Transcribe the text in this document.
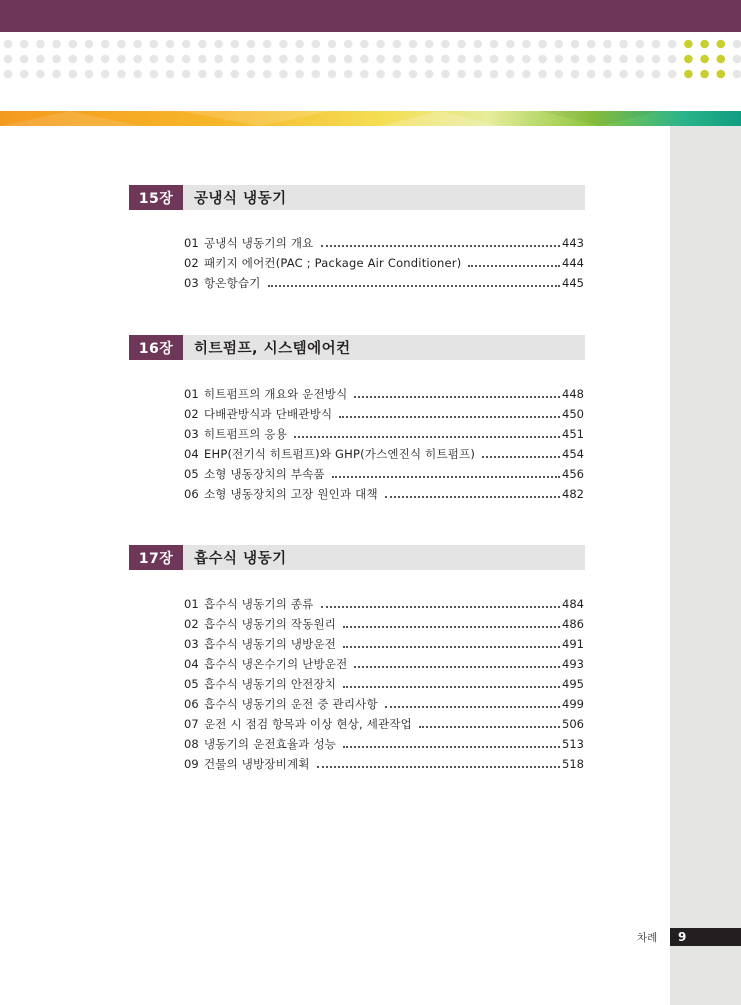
15장	공냉식 냉동기
01 공냉식 냉동기의 개요	443
02 패키지 에어컨(PAC ; Package Air Conditioner)	444
03 항온항습기	445
16장	히트펌프, 시스템에어컨
01 히트펌프의 개요와 운전방식	448
02 다배관방식과 단배관방식	450
03 히트펌프의 응용	451
04 EHP(전기식 히트펌프)와 GHP(가스엔진식 히트펌프)	454
05 소형 냉동장치의 부속품	456
06 소형 냉동장치의 고장 원인과 대책	482
17장	흡수식 냉동기
01 흡수식 냉동기의 종류	484
02 흡수식 냉동기의 작동원리	486
03 흡수식 냉동기의 냉방운전	491
04 흡수식 냉온수기의 난방운전	493
05 흡수식 냉동기의 안전장치	495
06 흡수식 냉동기의 운전 중 관리사항	499
07 운전 시 점검 항목과 이상 현상, 세관작업	506
08 냉동기의 운전효율과 성능	513
09 건물의 냉방장비계획	518
차례 9
